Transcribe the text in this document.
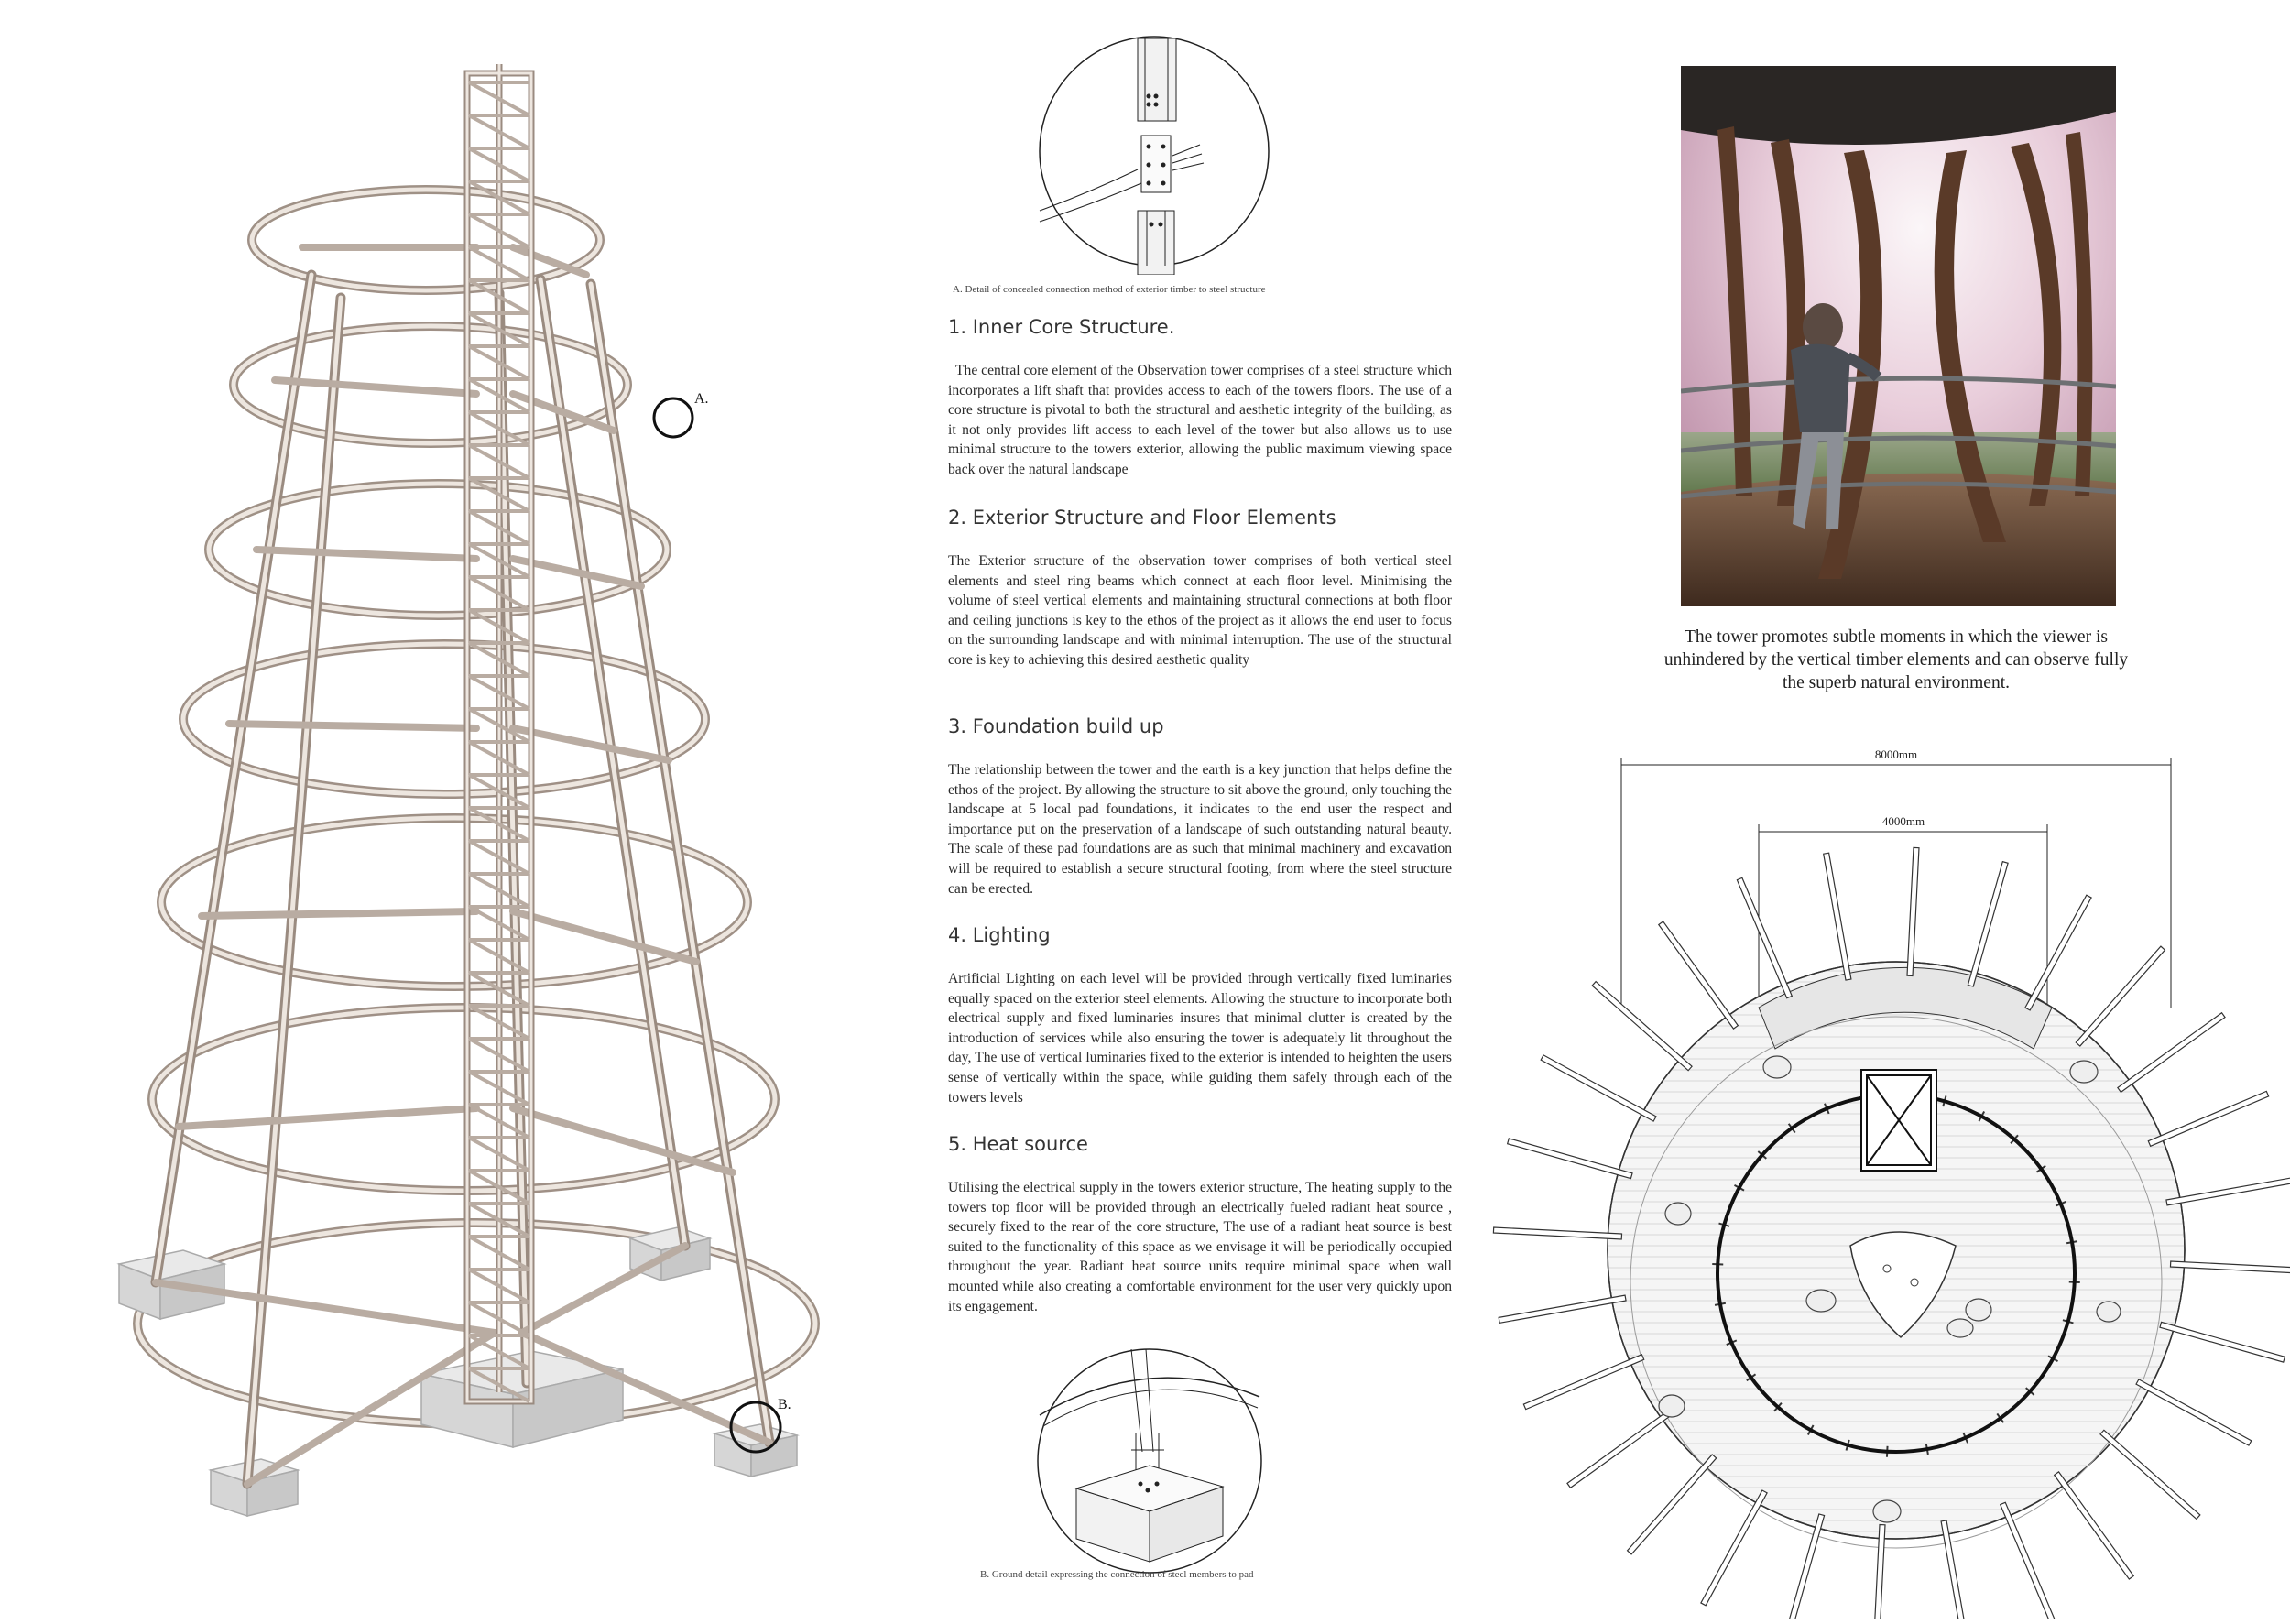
A.
B.
A. Detail of concealed connection method of exterior timber to steel structure
1. Inner Core Structure.

The central core element of the Observation tower comprises of a steel structure which incorporates a lift shaft that provides access to each of the towers floors. The use of a core structure is pivotal to both the structural and aesthetic integrity of the building, as it not only provides lift access to each level of the tower but also allows us to use minimal structure to the towers exterior, allowing the public maximum viewing space back over the natural landscape

2. Exterior Structure and Floor Elements

The Exterior structure of the observation tower comprises of both vertical steel elements and steel ring beams which connect at each floor level. Minimising the volume of steel vertical elements and maintaining structural connections at both floor and ceiling junctions is key to the ethos of the project as it allows the end user to focus on the surrounding landscape and with minimal interruption. The use of the structural core is key to achieving this desired aesthetic quality

3. Foundation build up

The relationship between the tower and the earth is a key junction that helps define the ethos of the project. By allowing the structure to sit above the ground, only touching the landscape at 5 local pad foundations, it indicates to the end user the respect and importance put on the preservation of a landscape of such outstanding natural beauty. The scale of these pad foundations are as such that minimal machinery and excavation will be required to establish a secure structural footing, from where the steel structure can be erected.

4. Lighting

Artificial Lighting on each level will be provided through vertically fixed luminaries equally spaced on the exterior steel elements. Allowing the structure to incorporate both electrical supply and fixed luminaries insures that minimal clutter is created by the introduction of services while also ensuring the tower is adequately lit throughout the day, The use of vertical luminaries fixed to the exterior is intended to heighten the users sense of vertically within the space, while guiding them safely through each of the towers levels

5. Heat source

Utilising the electrical supply in the towers exterior structure, The heating supply to the towers top floor will be provided through an electrically fueled radiant heat source , securely fixed to the rear of the core structure, The use of a radiant heat source is best suited to the functionality of this space as we envisage it will be periodically occupied throughout the year. Radiant heat source units require minimal space when wall mounted while also creating a comfortable environment for the user very quickly upon its engagement.

B. Ground detail expressing the connection of steel members to pad
The tower promotes subtle moments in which the viewer is unhindered by the vertical timber elements and can observe fully the superb natural environment.
8000mm
4000mm
